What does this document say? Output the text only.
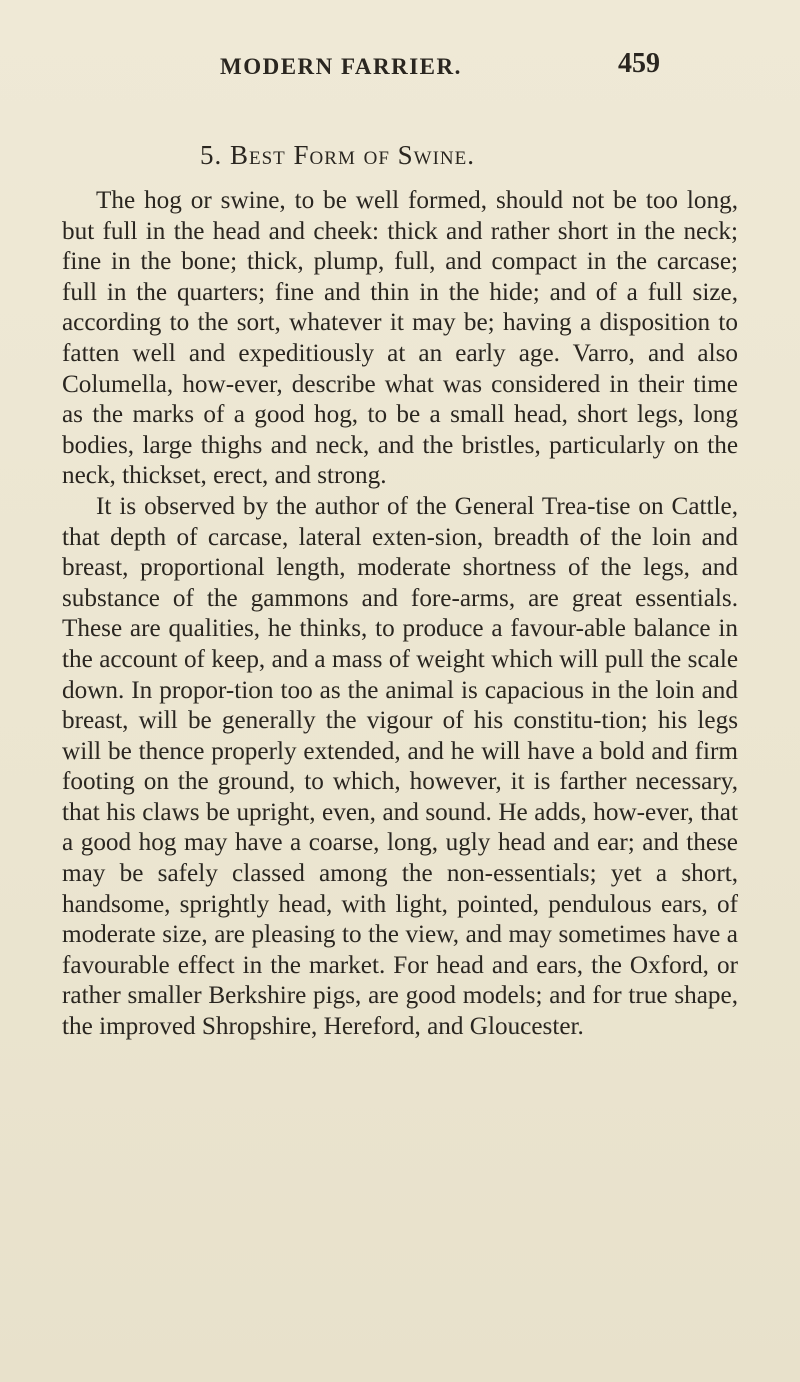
MODERN FARRIER.	459
5. Best Form of Swine.

The hog or swine, to be well formed, should not be too long, but full in the head and cheek: thick and rather short in the neck; fine in the bone; thick, plump, full, and compact in the carcase; full in the quarters; fine and thin in the hide; and of a full size, according to the sort, whatever it may be; having a disposition to fatten well and expeditiously at an early age. Varro, and also Columella, how-ever, describe what was considered in their time as the marks of a good hog, to be a small head, short legs, long bodies, large thighs and neck, and the bristles, particularly on the neck, thickset, erect, and strong.

It is observed by the author of the General Trea-tise on Cattle, that depth of carcase, lateral exten-sion, breadth of the loin and breast, proportional length, moderate shortness of the legs, and substance of the gammons and fore-arms, are great essentials. These are qualities, he thinks, to produce a favour-able balance in the account of keep, and a mass of weight which will pull the scale down. In propor-tion too as the animal is capacious in the loin and breast, will be generally the vigour of his constitu-tion; his legs will be thence properly extended, and he will have a bold and firm footing on the ground, to which, however, it is farther necessary, that his claws be upright, even, and sound. He adds, how-ever, that a good hog may have a coarse, long, ugly head and ear; and these may be safely classed among the non-essentials; yet a short, handsome, sprightly head, with light, pointed, pendulous ears, of moderate size, are pleasing to the view, and may sometimes have a favourable effect in the market. For head and ears, the Oxford, or rather smaller Berkshire pigs, are good models; and for true shape, the improved Shropshire, Hereford, and Gloucester.
